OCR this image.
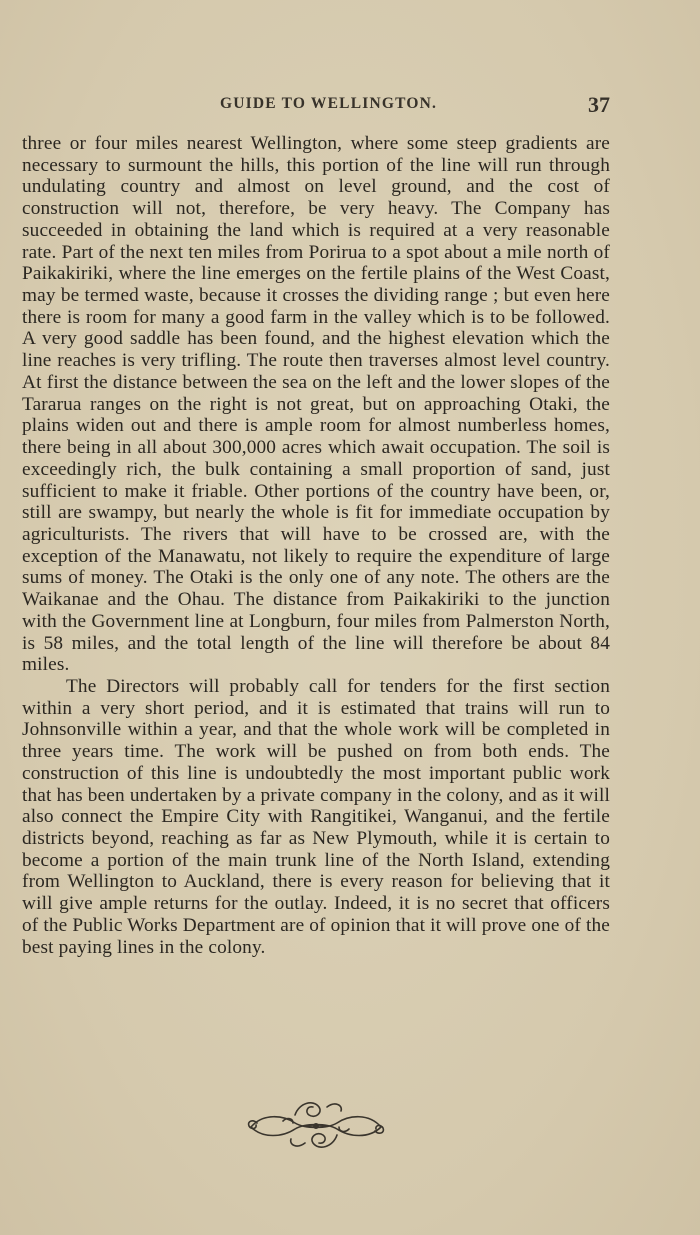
GUIDE TO WELLINGTON.	37

three or four miles nearest Wellington, where some steep gradients are necessary to surmount the hills, this portion of the line will run through undulating country and almost on level ground, and the cost of construction will not, therefore, be very heavy. The Company has succeeded in obtaining the land which is required at a very reasonable rate. Part of the next ten miles from Porirua to a spot about a mile north of Paikakiriki, where the line emerges on the fertile plains of the West Coast, may be termed waste, because it crosses the dividing range ; but even here there is room for many a good farm in the valley which is to be followed. A very good saddle has been found, and the highest elevation which the line reaches is very trifling. The route then traverses almost level country. At first the distance between the sea on the left and the lower slopes of the Tararua ranges on the right is not great, but on approaching Otaki, the plains widen out and there is ample room for almost numberless homes, there being in all about 300,000 acres which await occupation. The soil is exceedingly rich, the bulk containing a small proportion of sand, just sufficient to make it friable. Other portions of the country have been, or, still are swampy, but nearly the whole is fit for immediate occupation by agriculturists. The rivers that will have to be crossed are, with the exception of the Manawatu, not likely to require the expenditure of large sums of money. The Otaki is the only one of any note. The others are the Waikanae and the Ohau. The distance from Paikakiriki to the junction with the Government line at Longburn, four miles from Palmerston North, is 58 miles, and the total length of the line will therefore be about 84 miles.

The Directors will probably call for tenders for the first section within a very short period, and it is estimated that trains will run to Johnsonville within a year, and that the whole work will be completed in three years time. The work will be pushed on from both ends. The construction of this line is undoubtedly the most important public work that has been undertaken by a private company in the colony, and as it will also connect the Empire City with Rangitikei, Wanganui, and the fertile districts beyond, reaching as far as New Plymouth, while it is certain to become a portion of the main trunk line of the North Island, extending from Wellington to Auckland, there is every reason for believing that it will give ample returns for the outlay. Indeed, it is no secret that officers of the Public Works Department are of opinion that it will prove one of the best paying lines in the colony.
